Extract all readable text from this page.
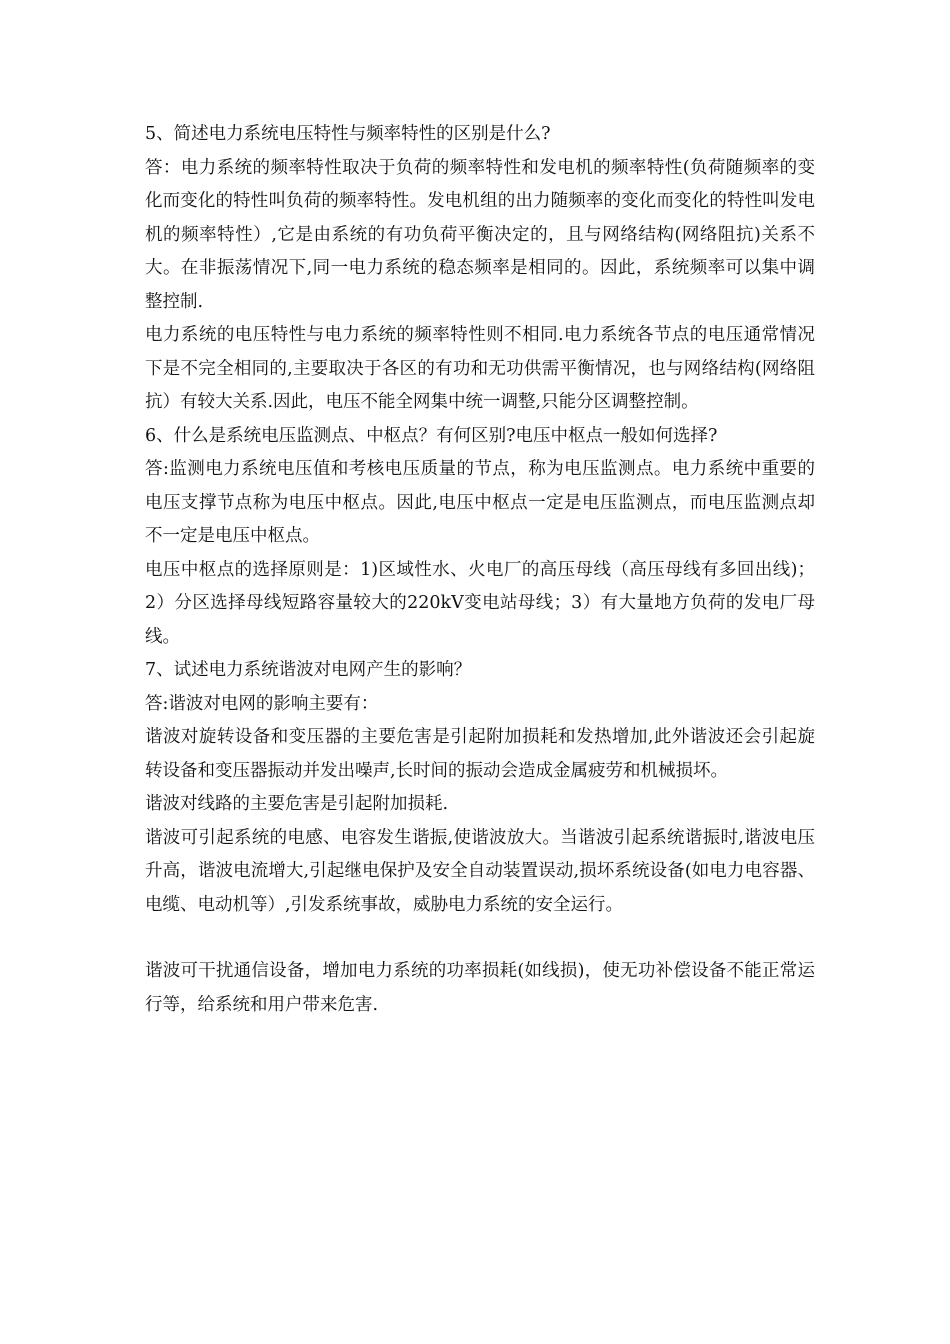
5、简述电力系统电压特性与频率特性的区别是什么?

答：电力系统的频率特性取决于负荷的频率特性和发电机的频率特性(负荷随频率的变化而变化的特性叫负荷的频率特性。发电机组的出力随频率的变化而变化的特性叫发电机的频率特性）,它是由系统的有功负荷平衡决定的，且与网络结构(网络阻抗)关系不大。在非振荡情况下,同一电力系统的稳态频率是相同的。因此，系统频率可以集中调整控制.

电力系统的电压特性与电力系统的频率特性则不相同.电力系统各节点的电压通常情况下是不完全相同的,主要取决于各区的有功和无功供需平衡情况，也与网络结构(网络阻抗）有较大关系.因此，电压不能全网集中统一调整,只能分区调整控制。

6、什么是系统电压监测点、中枢点？有何区别?电压中枢点一般如何选择?

答:监测电力系统电压值和考核电压质量的节点，称为电压监测点。电力系统中重要的电压支撑节点称为电压中枢点。因此,电压中枢点一定是电压监测点，而电压监测点却不一定是电压中枢点。

电压中枢点的选择原则是：1)区域性水、火电厂的高压母线（高压母线有多回出线)；2）分区选择母线短路容量较大的220kV变电站母线；3）有大量地方负荷的发电厂母线。

7、试述电力系统谐波对电网产生的影响？

答:谐波对电网的影响主要有：

谐波对旋转设备和变压器的主要危害是引起附加损耗和发热增加,此外谐波还会引起旋转设备和变压器振动并发出噪声,长时间的振动会造成金属疲劳和机械损坏。

谐波对线路的主要危害是引起附加损耗.

谐波可引起系统的电感、电容发生谐振,使谐波放大。当谐波引起系统谐振时,谐波电压升高，谐波电流增大,引起继电保护及安全自动装置误动,损坏系统设备(如电力电容器、电缆、电动机等）,引发系统事故，威胁电力系统的安全运行。

谐波可干扰通信设备，增加电力系统的功率损耗(如线损)，使无功补偿设备不能正常运行等，给系统和用户带来危害.
